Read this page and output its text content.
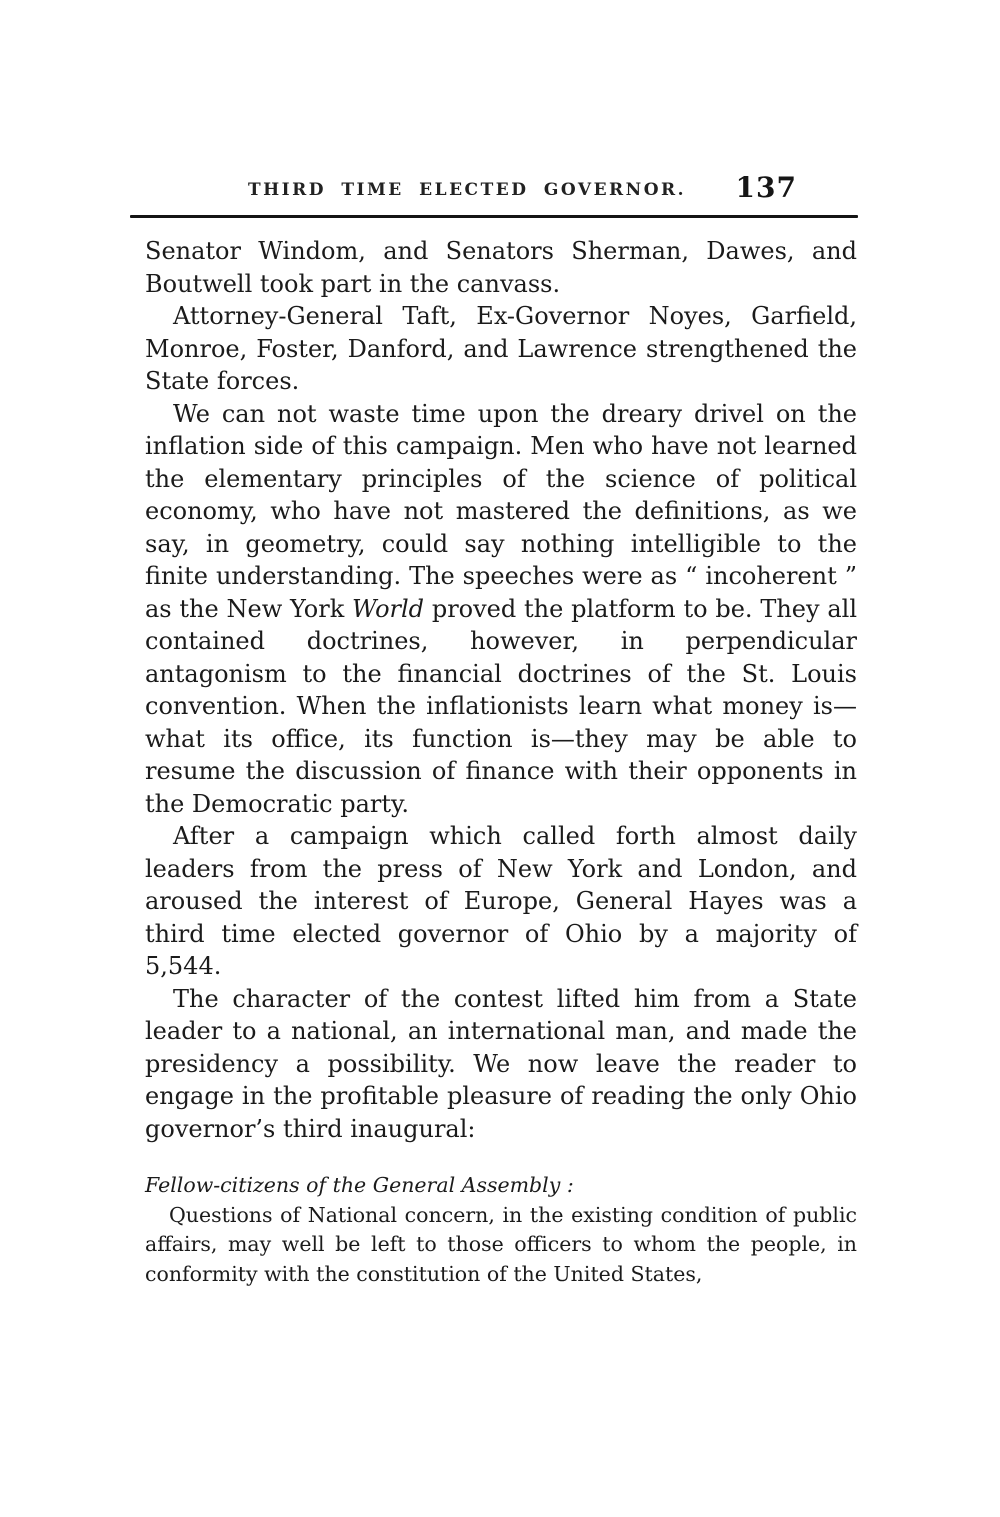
THIRD TIME ELECTED GOVERNOR. 137

Senator Windom, and Senators Sherman, Dawes, and Boutwell took part in the canvass.

Attorney-General Taft, Ex-Governor Noyes, Garfield, Monroe, Foster, Danford, and Lawrence strengthened the State forces.

We can not waste time upon the dreary drivel on the inflation side of this campaign. Men who have not learned the elementary principles of the science of political economy, who have not mastered the definitions, as we say, in geometry, could say nothing intelligible to the finite understanding. The speeches were as “ incoherent ” as the New York World proved the platform to be. They all contained doctrines, however, in perpendicular antagonism to the financial doctrines of the St. Louis convention. When the inflationists learn what money is—what its office, its function is—they may be able to resume the discussion of finance with their opponents in the Democratic party.

After a campaign which called forth almost daily leaders from the press of New York and London, and aroused the interest of Europe, General Hayes was a third time elected governor of Ohio by a majority of 5,544.

The character of the contest lifted him from a State leader to a national, an international man, and made the presidency a possibility. We now leave the reader to engage in the profitable pleasure of reading the only Ohio governor’s third inaugural:

Fellow-citizens of the General Assembly :

Questions of National concern, in the existing condition of public affairs, may well be left to those officers to whom the people, in conformity with the constitution of the United States,
